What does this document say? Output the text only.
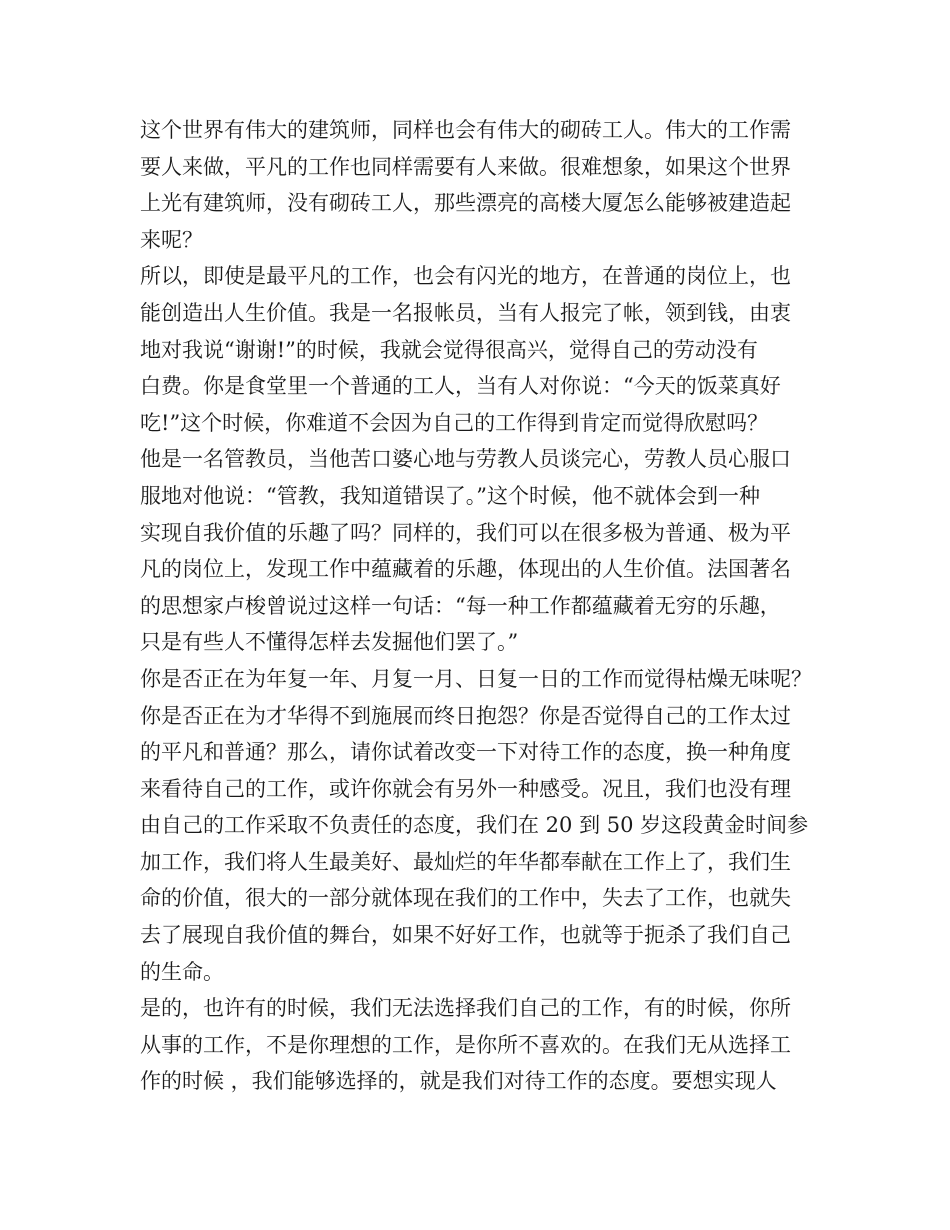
这个世界有伟大的建筑师，同样也会有伟大的砌砖工人。伟大的工作需
要人来做，平凡的工作也同样需要有人来做。很难想象，如果这个世界
上光有建筑师，没有砌砖工人，那些漂亮的高楼大厦怎么能够被建造起
来呢？
所以，即使是最平凡的工作，也会有闪光的地方，在普通的岗位上，也
能创造出人生价值。我是一名报帐员，当有人报完了帐，领到钱，由衷
地对我说“谢谢!”的时候，我就会觉得很高兴，觉得自己的劳动没有
白费。你是食堂里一个普通的工人，当有人对你说：“今天的饭菜真好
吃!”这个时候，你难道不会因为自己的工作得到肯定而觉得欣慰吗？
他是一名管教员，当他苦口婆心地与劳教人员谈完心，劳教人员心服口
服地对他说：“管教，我知道错误了。”这个时候，他不就体会到一种
实现自我价值的乐趣了吗？同样的，我们可以在很多极为普通、极为平
凡的岗位上，发现工作中蕴藏着的乐趣，体现出的人生价值。法国著名
的思想家卢梭曾说过这样一句话：“每一种工作都蕴藏着无穷的乐趣，
只是有些人不懂得怎样去发掘他们罢了。”
你是否正在为年复一年、月复一月、日复一日的工作而觉得枯燥无味呢？
你是否正在为才华得不到施展而终日抱怨？你是否觉得自己的工作太过
的平凡和普通？那么，请你试着改变一下对待工作的态度，换一种角度
来看待自己的工作，或许你就会有另外一种感受。况且，我们也没有理
由自己的工作采取不负责任的态度，我们在 20 到 50 岁这段黄金时间参
加工作，我们将人生最美好、最灿烂的年华都奉献在工作上了，我们生
命的价值，很大的一部分就体现在我们的工作中，失去了工作，也就失
去了展现自我价值的舞台，如果不好好工作，也就等于扼杀了我们自己
的生命。
是的，也许有的时候，我们无法选择我们自己的工作，有的时候，你所
从事的工作，不是你理想的工作，是你所不喜欢的。在我们无从选择工
作的时候 ，我们能够选择的，就是我们对待工作的态度。要想实现人
